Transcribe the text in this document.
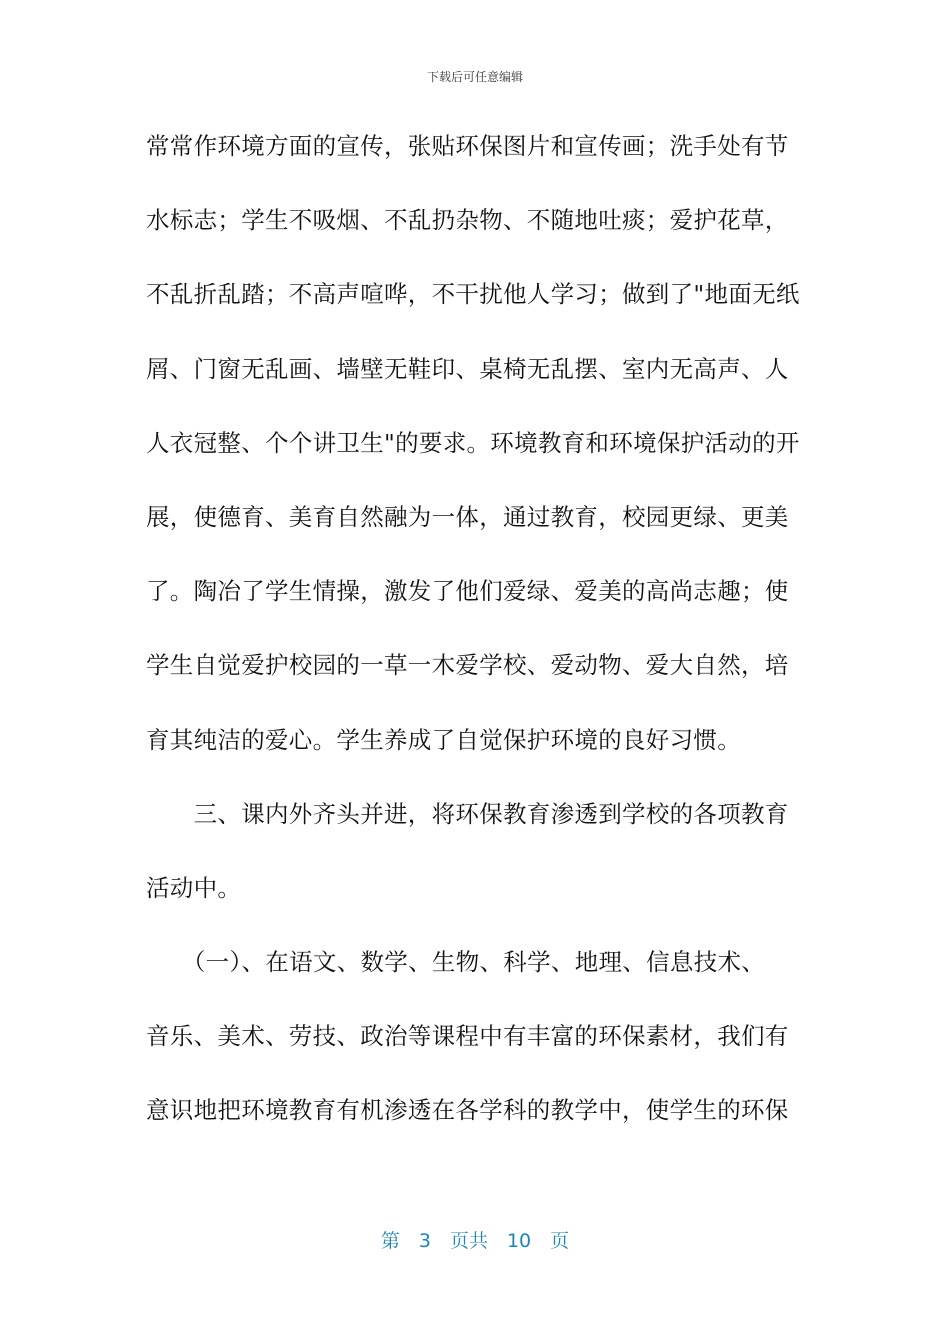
下载后可任意编辑
常常作环境方面的宣传，张贴环保图片和宣传画；洗手处有节
水标志；学生不吸烟、不乱扔杂物、不随地吐痰；爱护花草，
不乱折乱踏；不高声喧哗，不干扰他人学习；做到了"地面无纸
屑、门窗无乱画、墙壁无鞋印、桌椅无乱摆、室内无高声、人
人衣冠整、个个讲卫生"的要求。环境教育和环境保护活动的开
展，使德育、美育自然融为一体，通过教育，校园更绿、更美
了。陶冶了学生情操，激发了他们爱绿、爱美的高尚志趣；使
学生自觉爱护校园的一草一木爱学校、爱动物、爱大自然，培
育其纯洁的爱心。学生养成了自觉保护环境的良好习惯。
　　三、课内外齐头并进，将环保教育渗透到学校的各项教育
活动中。
　　（一）、在语文、数学、生物、科学、地理、信息技术、
音乐、美术、劳技、政治等课程中有丰富的环保素材，我们有
意识地把环境教育有机渗透在各学科的教学中，使学生的环保
第　3　页共　10　页
